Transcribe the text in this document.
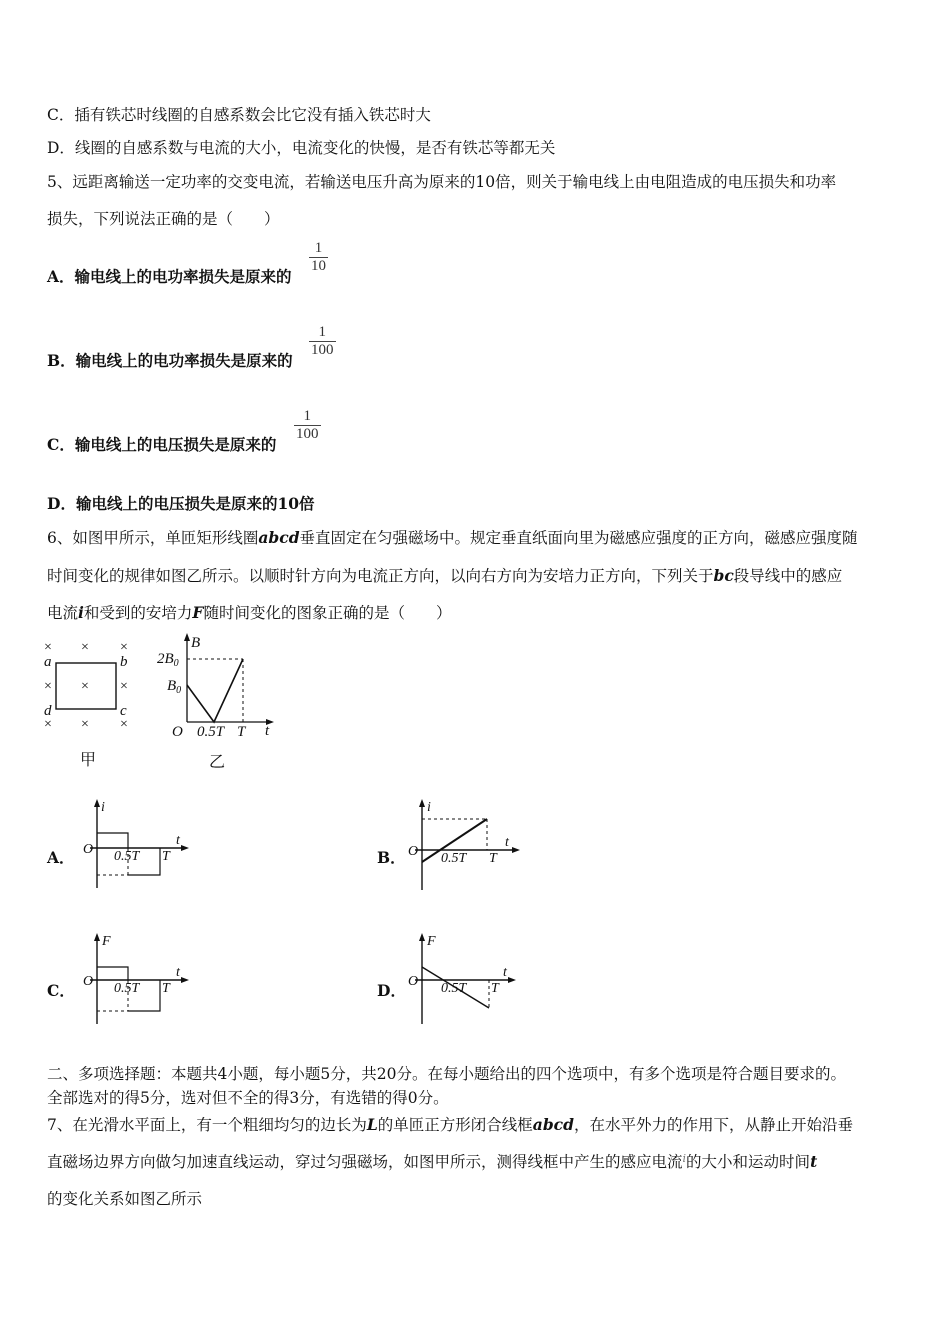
C．插有铁芯时线圈的自感系数会比它没有插入铁芯时大
D．线圈的自感系数与电流的大小，电流变化的快慢，是否有铁芯等都无关
5、远距离输送一定功率的交变电流，若输送电压升高为原来的10倍，则关于输电线上由电阻造成的电压损失和功率
损失，下列说法正确的是（　　）
A．输电线上的电功率损失是原来的
$\frac{1}{10}$
B．输电线上的电功率损失是原来的
$\frac{1}{100}$
C．输电线上的电压损失是原来的
$\frac{1}{100}$
D．输电线上的电压损失是原来的10倍
6、如图甲所示，单匝矩形线圈abcd垂直固定在匀强磁场中。规定垂直纸面向里为磁感应强度的正方向，磁感应强度随
时间变化的规律如图乙所示。以顺时针方向为电流正方向，以向右方向为安培力正方向，下列关于bc段导线中的感应
电流i和受到的安培力F随时间变化的图象正确的是（　　）
× × ×
× × ×
× × ×
a	b
d	c
甲
B
t
O
$2B_0$
$B_0$
0.5T T
乙
A．
i
t
O 0.5T T	B．
i
t
O 0.5T T
C．
F
t
O 0.5T T	D．
F
t
O 0.5T T
二、多项选择题：本题共4小题，每小题5分，共20分。在每小题给出的四个选项中，有多个选项是符合题目要求的。
全部选对的得5分，选对但不全的得3分，有选错的得0分。
7、在光滑水平面上，有一个粗细均匀的边长为L的单匝正方形闭合线框abcd，在水平外力的作用下，从静止开始沿垂
直磁场边界方向做匀加速直线运动，穿过匀强磁场，如图甲所示，测得线框中产生的感应电流$^i$的大小和运动时间t
的变化关系如图乙所示
